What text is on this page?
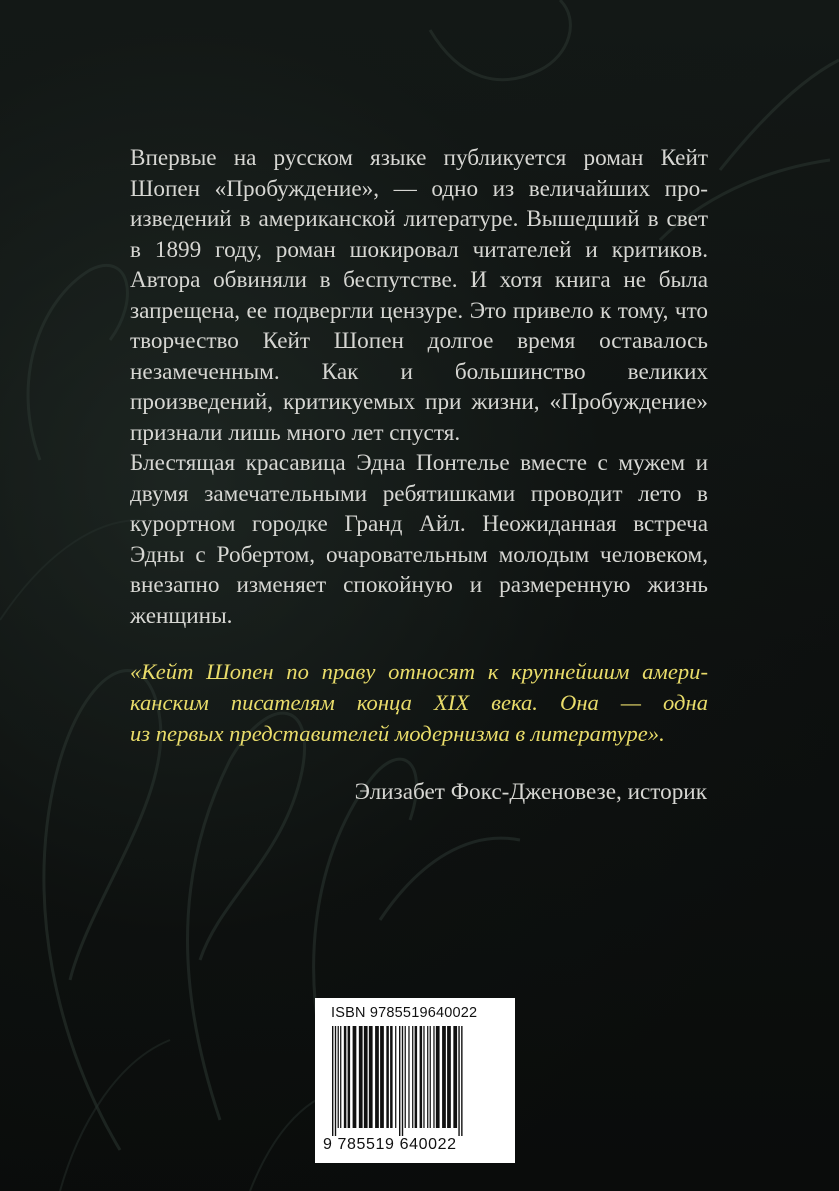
Впервые на русском языке публикуется роман Кейт Шопен «Пробуждение», — одно из величайших произведений в американской литературе. Вышедший в свет в 1899 году, роман шокировал читателей и критиков. Автора обвиняли в беспутстве. И хотя книга не была запрещена, ее подвергли цензуре. Это привело к тому, что творчество Кейт Шопен долгое время оставалось незамеченным. Как и большинство великих произведений, критикуемых при жизни, «Пробуждение» признали лишь много лет спустя.

Блестящая красавица Эдна Понтелье вместе с мужем и двумя замечательными ребятишками проводит лето в курортном городке Гранд Айл. Неожиданная встреча Эдны с Робертом, очаровательным молодым человеком, внезапно изменяет спокойную и размеренную жизнь женщины.

«Кейт Шопен по праву относят к крупнейшим амери-
канским писателям конца XIX века. Она — одна
из первых представителей модернизма в литературе».
Элизабет Фокс-Дженовезе, историк
ISBN 9785519640022
9 785519 640022
